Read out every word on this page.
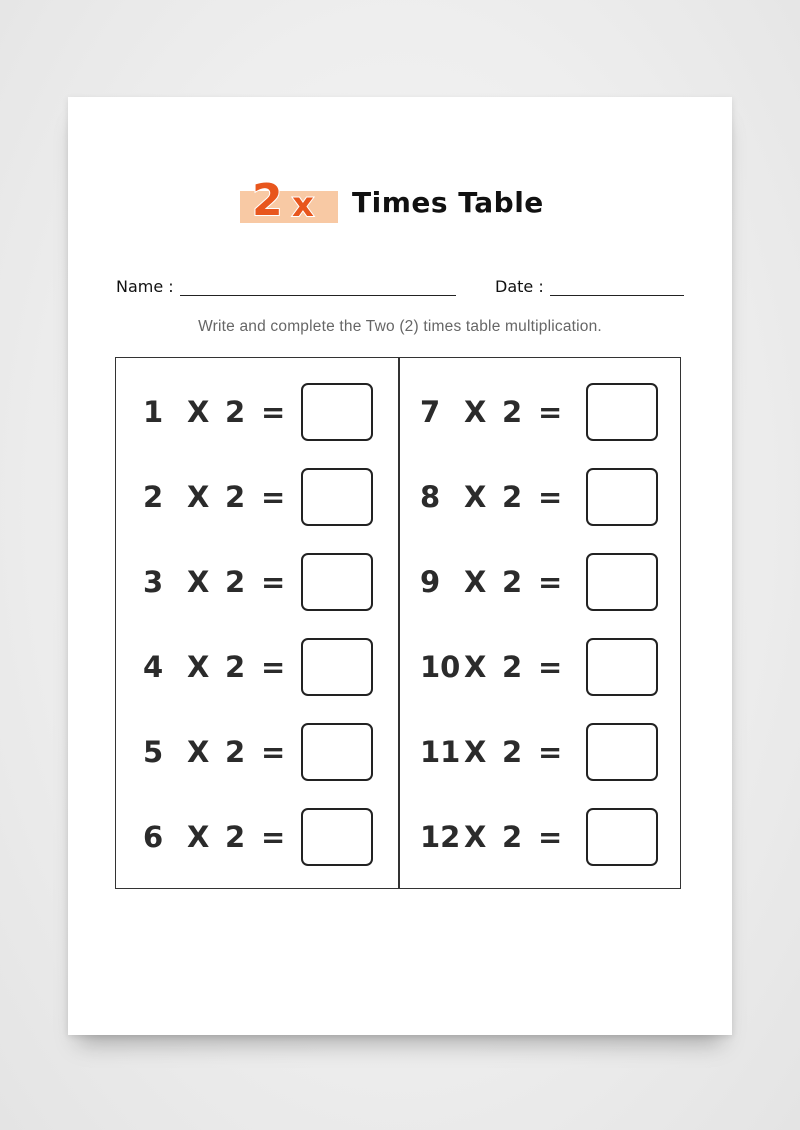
2 x Times Table
Name :	Date :
Write and complete the Two (2) times table multiplication.
1 X 2 =
2 X 2 =
3 X 2 =
4 X 2 =
5 X 2 =
6 X 2 =
7 X 2 =
8 X 2 =
9 X 2 =
10 X 2 =
11 X 2 =
12 X 2 =
